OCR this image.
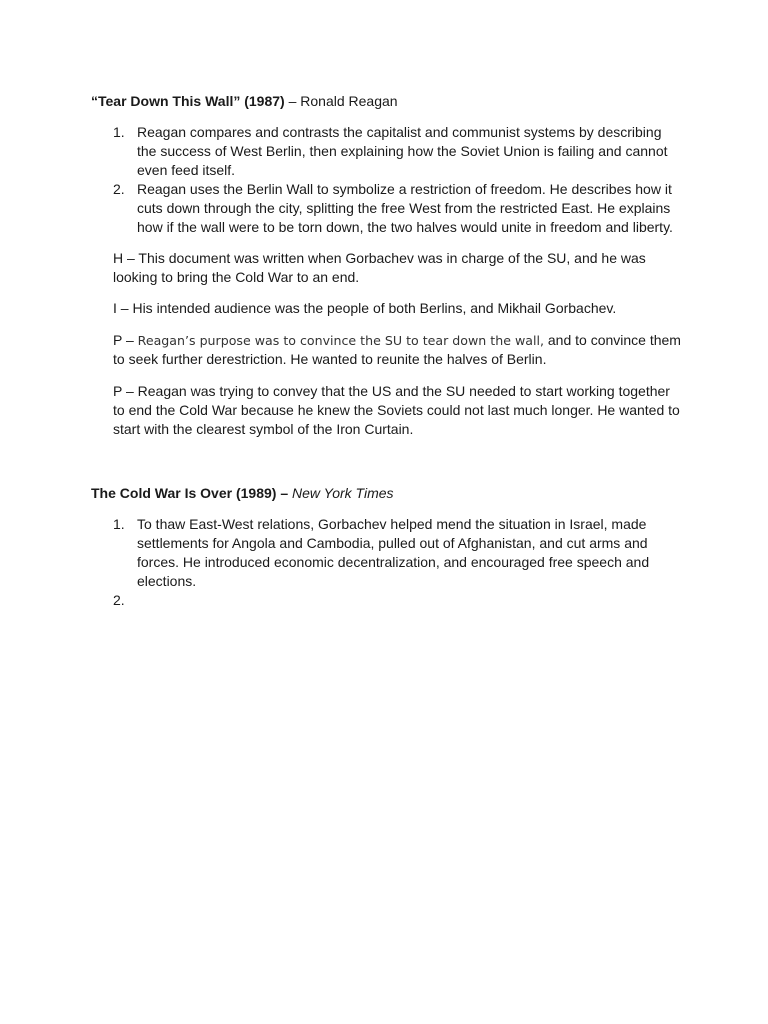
“Tear Down This Wall” (1987) – Ronald Reagan
1. Reagan compares and contrasts the capitalist and communist systems by describing the success of West Berlin, then explaining how the Soviet Union is failing and cannot even feed itself.
2. Reagan uses the Berlin Wall to symbolize a restriction of freedom. He describes how it cuts down through the city, splitting the free West from the restricted East. He explains how if the wall were to be torn down, the two halves would unite in freedom and liberty.

H – This document was written when Gorbachev was in charge of the SU, and he was looking to bring the Cold War to an end.

I – His intended audience was the people of both Berlins, and Mikhail Gorbachev.

P – Reagan’s purpose was to convince the SU to tear down the wall, and to convince them to seek further derestriction. He wanted to reunite the halves of Berlin.

P – Reagan was trying to convey that the US and the SU needed to start working together to end the Cold War because he knew the Soviets could not last much longer. He wanted to start with the clearest symbol of the Iron Curtain.

The Cold War Is Over (1989) – New York Times
1. To thaw East-West relations, Gorbachev helped mend the situation in Israel, made settlements for Angola and Cambodia, pulled out of Afghanistan, and cut arms and forces. He introduced economic decentralization, and encouraged free speech and elections.
2.
